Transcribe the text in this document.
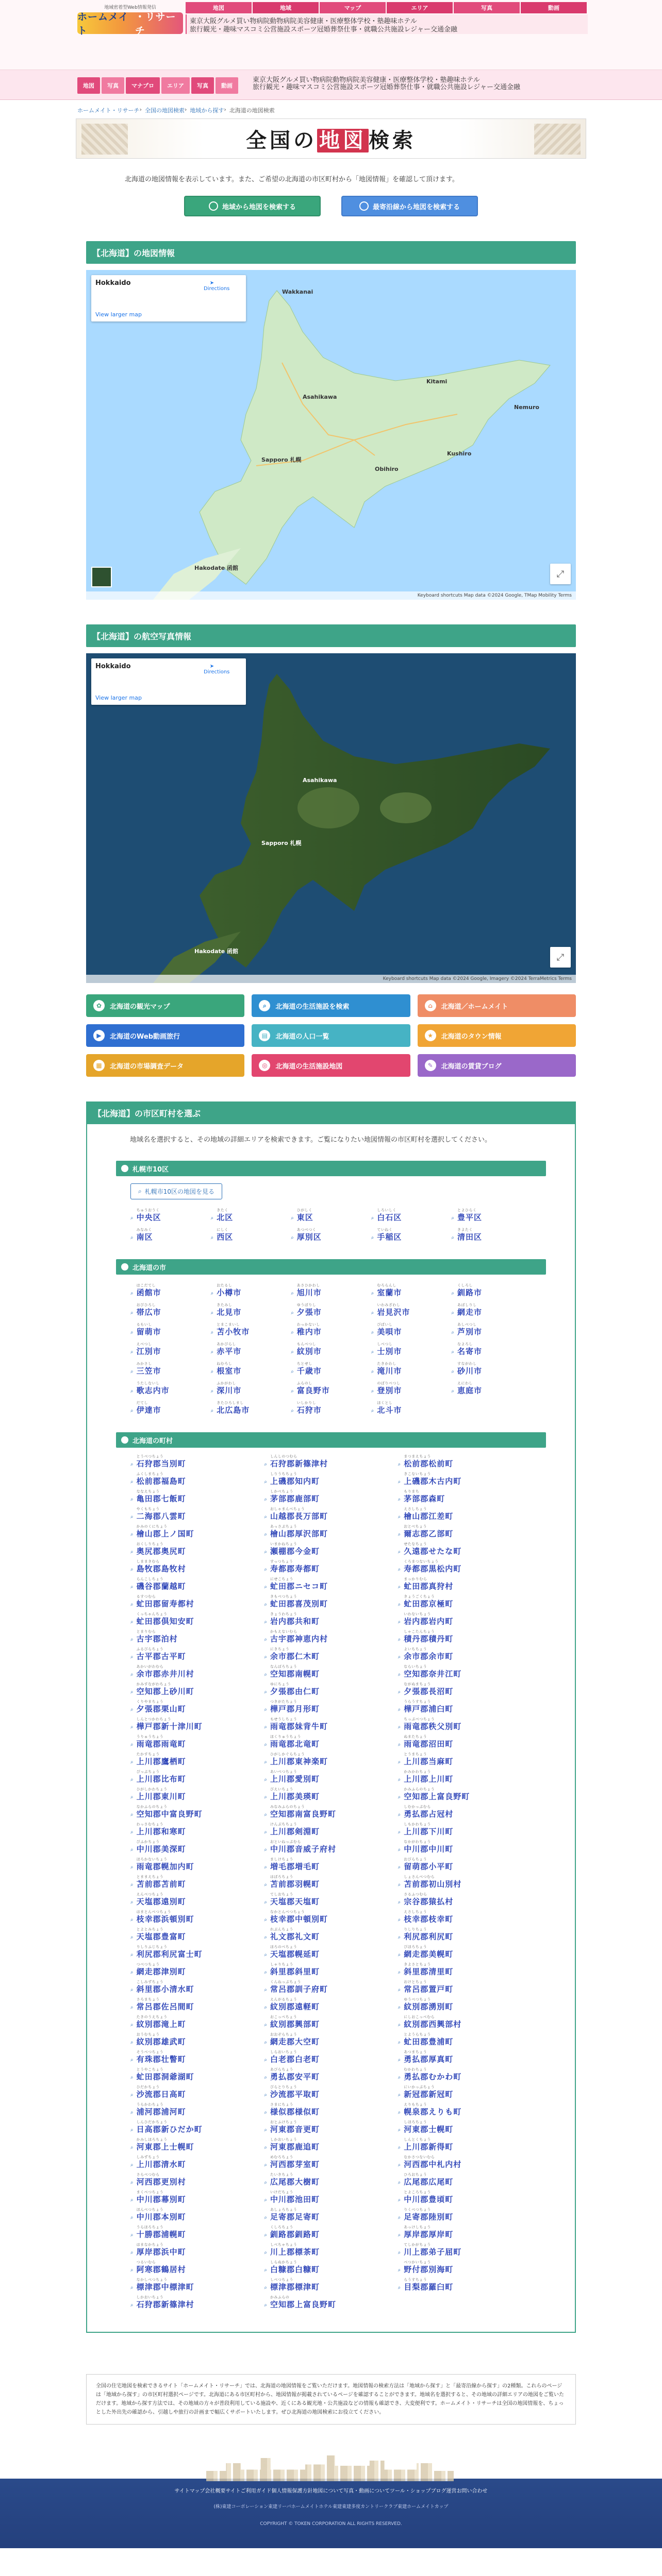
地域密着型Web情報発信
ホームメイト
・リサーチ
地図	地域	マップ	エリア	写真	動画
東京 大阪 グルメ 買い物 病院 動物病院 美容 健康・医療 整体 学校・塾 趣味 ホテル
旅行 観光・趣味 マスコミ 公営施設 スポーツ 冠婚葬祭 仕事・就職 公共施設 レジャー 交通 金融
地図	写真	マナプロ	エリア	写真	動画
東京 大阪 グルメ 買い物 病院 動物病院 美容 健康・医療 整体 学校・塾 趣味 ホテル
旅行 観光・趣味 マスコミ 公営施設 スポーツ 冠婚葬祭 仕事・就職 公共施設 レジャー 交通 金融
ホームメイト・リサーチ › 全国の地図検索 › 地域から探す › 北海道の地図検索
全国の 地図 検索

北海道の地図情報を表示しています。また、ご希望の北海道の市区町村から「地図情報」を確認して頂けます。

地域から地図を検索する	最寄沿線から地図を検索する
【北海道】の地図情報
Hokkaido	➤
Directions
View larger map
Wakkanai
Asahikawa
Sapporo 札幌
Hakodate 函館
Kushiro
Obihiro
Kitami
Nemuro
⤢
Keyboard shortcuts Map data ©2024 Google, TMap Mobility Terms
【北海道】の航空写真情報
Hokkaido	➤
Directions
View larger map
Asahikawa
Sapporo 札幌
Hakodate 函館
⤢
Keyboard shortcuts Map data ©2024 Google, Imagery ©2024 TerraMetrics Terms
✿	北海道の観光マップ	⌕	北海道の生活施設を検索	⌂	北海道／ホームメイト
▶	北海道のWeb動画旅行	▤	北海道の人口一覧	★	北海道のタウン情報
▦	北海道の市場調査データ	◎	北海道の生活施設地図	✎	北海道の賃貸ブログ
【北海道】の市区町村を選ぶ

地域名を選択すると、その地域の詳細エリアを検索できます。ご覧になりたい地図情報の市区町村を選択してください。

札幌市10区
⌕ 札幌市10区の地図を見る
⌕
ちゅうおうく
中央区	⌕
きたく
北区	⌕
ひがしく
東区	⌕
しろいしく
白石区	⌕
とよひらく
豊平区
⌕
みなみく
南区	⌕
にしく
西区	⌕
あつべつく
厚別区	⌕
ていねく
手稲区	⌕
きよたく
清田区
北海道の市
⌕
はこだてし
函館市	⌕
おたるし
小樽市	⌕
あさひかわし
旭川市	⌕
むろらんし
室蘭市	⌕
くしろし
釧路市
⌕
おびひろし
帯広市	⌕
きたみし
北見市	⌕
ゆうばりし
夕張市	⌕
いわみざわし
岩見沢市	⌕
あばしりし
網走市
⌕
るもいし
留萌市	⌕
とまこまいし
苫小牧市	⌕
わっかないし
稚内市	⌕
びばいし
美唄市	⌕
あしべつし
芦別市
⌕
えべつし
江別市	⌕
あかびらし
赤平市	⌕
もんべつし
紋別市	⌕
しべつし
士別市	⌕
なよろし
名寄市
⌕
みかさし
三笠市	⌕
ねむろし
根室市	⌕
ちとせし
千歳市	⌕
たきかわし
滝川市	⌕
すながわし
砂川市
⌕
うたしないし
歌志内市	⌕
ふかがわし
深川市	⌕
ふらのし
富良野市	⌕
のぼりべつし
登別市	⌕
えにわし
恵庭市
⌕
だてし
伊達市	⌕
きたひろしまし
北広島市	⌕
いしかりし
石狩市	⌕
ほくとし
北斗市
北海道の町村
⌕
とうべつちょう
石狩郡当別町	⌕
しんしのつむら
石狩郡新篠津村	⌕
まつまえちょう
松前郡松前町
⌕
ふくしまちょう
松前郡福島町	⌕
しりうちちょう
上磯郡知内町	⌕
きこないちょう
上磯郡木古内町
⌕
ななえちょう
亀田郡七飯町	⌕
しかべちょう
茅部郡鹿部町	⌕
もりまち
茅部郡森町
⌕
やくもちょう
二海郡八雲町	⌕
おしゃまんべちょう
山越郡長万部町	⌕
えさしちょう
檜山郡江差町
⌕
かみのくにちょう
檜山郡上ノ国町	⌕
あっさぶちょう
檜山郡厚沢部町	⌕
おとべちょう
爾志郡乙部町
⌕
おくしりちょう
奥尻郡奥尻町	⌕
いまかねちょう
瀬棚郡今金町	⌕
せたなちょう
久遠郡せたな町
⌕
しままきむら
島牧郡島牧村	⌕
すっつちょう
寿都郡寿都町	⌕
くろまつないちょう
寿都郡黒松内町
⌕
らんこしちょう
磯谷郡蘭越町	⌕
にせこちょう
虻田郡ニセコ町	⌕
まっかりむら
虻田郡真狩村
⌕
るすつむら
虻田郡留寿都村	⌕
きもべつちょう
虻田郡喜茂別町	⌕
きょうごくちょう
虻田郡京極町
⌕
くっちゃんちょう
虻田郡倶知安町	⌕
きょうわちょう
岩内郡共和町	⌕
いわないちょう
岩内郡岩内町
⌕
とまりむら
古宇郡泊村	⌕
かもえないむら
古宇郡神恵内村	⌕
しゃこたんちょう
積丹郡積丹町
⌕
ふるびらちょう
古平郡古平町	⌕
にきちょう
余市郡仁木町	⌕
よいちちょう
余市郡余市町
⌕
あかいがわむら
余市郡赤井川村	⌕
なんぽろちょう
空知郡南幌町	⌕
ならいちょう
空知郡奈井江町
⌕
かみすながわちょう
空知郡上砂川町	⌕
ゆにちょう
夕張郡由仁町	⌕
ながぬまちょう
夕張郡長沼町
⌕
くりやまちょう
夕張郡栗山町	⌕
つきがたちょう
樺戸郡月形町	⌕
うらうすちょう
樺戸郡浦臼町
⌕
しんとつかわちょう
樺戸郡新十津川町	⌕
もせうしちょう
雨竜郡妹背牛町	⌕
ちっぷべつちょう
雨竜郡秩父別町
⌕
うりゅうちょう
雨竜郡雨竜町	⌕
ほくりゅうちょう
雨竜郡北竜町	⌕
ぬまたちょう
雨竜郡沼田町
⌕
たかすちょう
上川郡鷹栖町	⌕
ひがしかぐらちょう
上川郡東神楽町	⌕
とうまちょう
上川郡当麻町
⌕
ぴっぷちょう
上川郡比布町	⌕
あいべつちょう
上川郡愛別町	⌕
かみかわちょう
上川郡上川町
⌕
ひがしかわちょう
上川郡東川町	⌕
びえいちょう
上川郡美瑛町	⌕
かみふらのちょう
空知郡上富良野町
⌕
なかふらのちょう
空知郡中富良野町	⌕
みなみふらのちょう
空知郡南富良野町	⌕
しむかっぷむら
勇払郡占冠村
⌕
わっさむちょう
上川郡和寒町	⌕
けんぶちちょう
上川郡剣淵町	⌕
しもかわちょう
上川郡下川町
⌕
びふかちょう
中川郡美深町	⌕
おといねっぷむら
中川郡音威子府村	⌕
なかがわちょう
中川郡中川町
⌕
ほろかないちょう
雨竜郡幌加内町	⌕
ましけちょう
増毛郡増毛町	⌕
おびらちょう
留萌郡小平町
⌕
とままえちょう
苫前郡苫前町	⌕
はぼろちょう
苫前郡羽幌町	⌕
しょさんべつむら
苫前郡初山別村
⌕
えんべつちょう
天塩郡遠別町	⌕
てしおちょう
天塩郡天塩町	⌕
さるふつむら
宗谷郡猿払村
⌕
はまとんべつちょう
枝幸郡浜頓別町	⌕
なかとんべつちょう
枝幸郡中頓別町	⌕
えさしちょう
枝幸郡枝幸町
⌕
とよとみちょう
天塩郡豊富町	⌕
れぶんちょう
礼文郡礼文町	⌕
りしりちょう
利尻郡利尻町
⌕
りしりふじちょう
利尻郡利尻富士町	⌕
ほろのべちょう
天塩郡幌延町	⌕
びほろちょう
網走郡美幌町
⌕
つべつちょう
網走郡津別町	⌕
しゃりちょう
斜里郡斜里町	⌕
きよさとちょう
斜里郡清里町
⌕
こしみずちょう
斜里郡小清水町	⌕
くんねっぷちょう
常呂郡訓子府町	⌕
おけとちょう
常呂郡置戸町
⌕
さろまちょう
常呂郡佐呂間町	⌕
えんがるちょう
紋別郡遠軽町	⌕
ゆうべつちょう
紋別郡湧別町
⌕
たきのうえちょう
紋別郡滝上町	⌕
おこっぺちょう
紋別郡興部町	⌕
にしおこっぺむら
紋別郡西興部村
⌕
おうむちょう
紋別郡雄武町	⌕
おおぞらちょう
網走郡大空町	⌕
とようらちょう
虻田郡豊浦町
⌕
そうべつちょう
有珠郡壮瞥町	⌕
しらおいちょう
白老郡白老町	⌕
あつまちょう
勇払郡厚真町
⌕
とうやこちょう
虻田郡洞爺湖町	⌕
あびらちょう
勇払郡安平町	⌕
むかわちょう
勇払郡むかわ町
⌕
ひだかちょう
沙流郡日高町	⌕
びらとりちょう
沙流郡平取町	⌕
にいかっぷちょう
新冠郡新冠町
⌕
うらかわちょう
浦河郡浦河町	⌕
さまにちょう
様似郡様似町	⌕
えりもちょう
幌泉郡えりも町
⌕
しんひだかちょう
日高郡新ひだか町	⌕
おとふけちょう
河東郡音更町	⌕
しほろちょう
河東郡士幌町
⌕
かみしほろちょう
河東郡上士幌町	⌕
しかおいちょう
河東郡鹿追町	⌕
しんとくちょう
上川郡新得町
⌕
しみずちょう
上川郡清水町	⌕
めむろちょう
河西郡芽室町	⌕
なかさつないむら
河西郡中札内村
⌕
さらべつむら
河西郡更別村	⌕
たいきちょう
広尾郡大樹町	⌕
ひろおちょう
広尾郡広尾町
⌕
まくべつちょう
中川郡幕別町	⌕
いけだちょう
中川郡池田町	⌕
とよころちょう
中川郡豊頃町
⌕
ほんべつちょう
中川郡本別町	⌕
あしょろちょう
足寄郡足寄町	⌕
りくべつちょう
足寄郡陸別町
⌕
うらほろちょう
十勝郡浦幌町	⌕
くしろちょう
釧路郡釧路町	⌕
あっけしちょう
厚岸郡厚岸町
⌕
はまなかちょう
厚岸郡浜中町	⌕
しべちゃちょう
川上郡標茶町	⌕
てしかがちょう
川上郡弟子屈町
⌕
つるいむら
阿寒郡鶴居村	⌕
しらぬかちょう
白糠郡白糠町	⌕
べつかいちょう
野付郡別海町
⌕
なかしべつちょう
標津郡中標津町	⌕
しべつちょう
標津郡標津町	⌕
らうすちょう
目梨郡羅臼町
⌕
しかおいちょう
石狩郡新篠津村	⌕
かみふらの
空知郡上富良野町
全国の住宅地図を検索できるサイト「ホームメイト・リサーチ」では、北海道の地図情報をご覧いただけます。地図情報の検索方法は「地域から探す」と「最寄沿線から探す」の2種類。これらのページは「地域から探す」の市区町村選択ページです。北海道にある市区町村から、地図情報が掲載されているページを確認することができます。地域名を選択すると、その地域の詳細エリアの地図をご覧いただけます。地域から探す方法では、その地域の方々が普段利用している施設や、近くにある観光地・公共施設などの情報も確認でき、大変便利です。ホームメイト・リサーチは全国の地図情報を、ちょっとした外出先の確認から、引越しや旅行の計画まで幅広くサポートいたします。ぜひ北海道の地図検索にお役立てください。
サイトマップ 会社概要 サイトご利用ガイド 個人情報保護方針 地図について 写真・動画について ツール・ショップ ブログ運営 お問い合わせ
(株)東建コーポレーション 東建リーバ ホームメイト ホテル東建 東建多度カントリークラブ 東建ホームメイトカップ
COPYRIGHT © TOKEN CORPORATION ALL RIGHTS RESERVED.
